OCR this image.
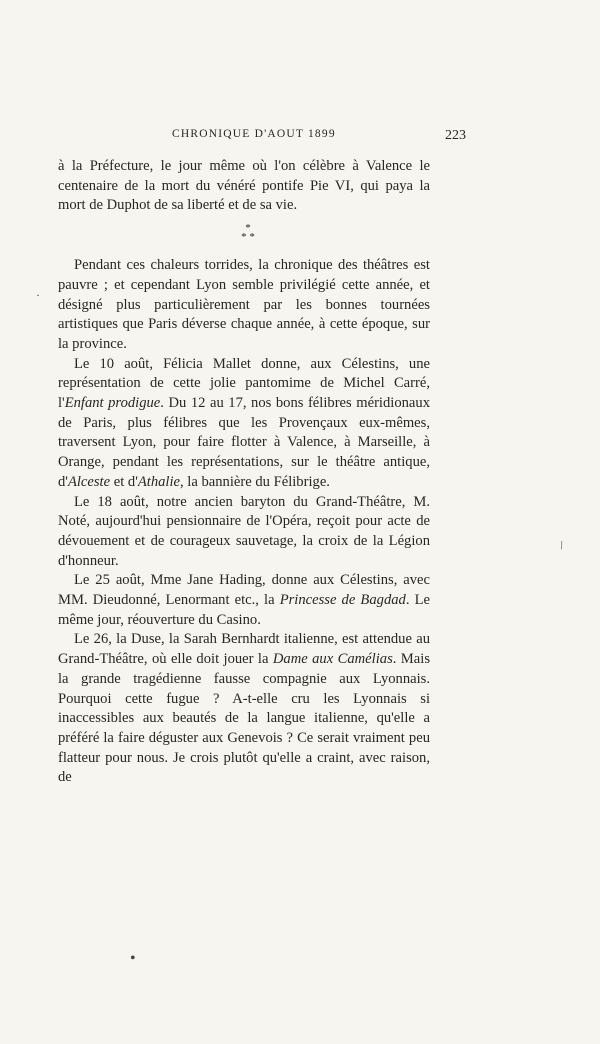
CHRONIQUE D'AOUT 1899	223

à la Préfecture, le jour même où l'on célèbre à Valence le centenaire de la mort du vénéré pontife Pie VI, qui paya la mort de Duphot de sa liberté et de sa vie.

*
* *

Pendant ces chaleurs torrides, la chronique des théâtres est pauvre ; et cependant Lyon semble privilégié cette année, et désigné plus particulièrement par les bonnes tournées artistiques que Paris déverse chaque année, à cette époque, sur la province.

Le 10 août, Félicia Mallet donne, aux Célestins, une représentation de cette jolie pantomime de Michel Carré, l'Enfant prodigue. Du 12 au 17, nos bons félibres méridionaux de Paris, plus félibres que les Provençaux eux-mêmes, traversent Lyon, pour faire flotter à Valence, à Marseille, à Orange, pendant les représentations, sur le théâtre antique, d'Alceste et d'Athalie, la bannière du Félibrige.

Le 18 août, notre ancien baryton du Grand-Théâtre, M. Noté, aujourd'hui pensionnaire de l'Opéra, reçoit pour acte de dévouement et de courageux sauvetage, la croix de la Légion d'honneur.

Le 25 août, Mme Jane Hading, donne aux Célestins, avec MM. Dieudonné, Lenormant etc., la Princesse de Bagdad. Le même jour, réouverture du Casino.

Le 26, la Duse, la Sarah Bernhardt italienne, est attendue au Grand-Théâtre, où elle doit jouer la Dame aux Camélias. Mais la grande tragédienne fausse compagnie aux Lyonnais. Pourquoi cette fugue ? A-t-elle cru les Lyonnais si inaccessibles aux beautés de la langue italienne, qu'elle a préféré la faire déguster aux Genevois ? Ce serait vraiment peu flatteur pour nous. Je crois plutôt qu'elle a craint, avec raison, de

·
\
•
